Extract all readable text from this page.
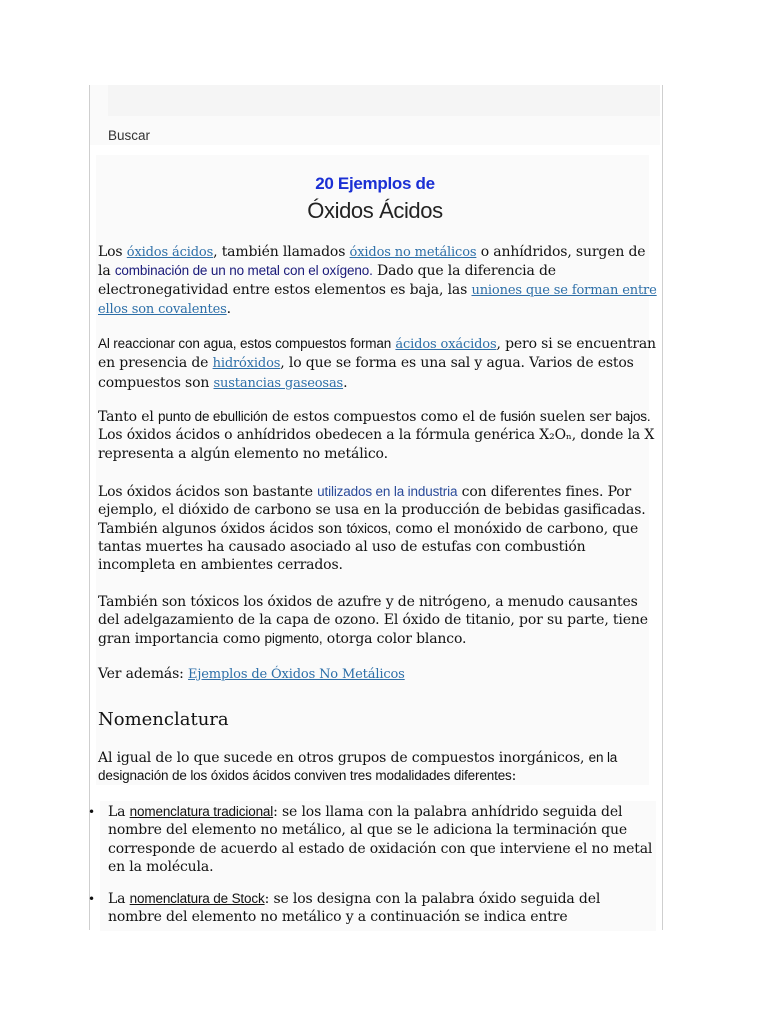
Buscar
20 Ejemplos de
Óxidos Ácidos
Los óxidos ácidos, también llamados óxidos no metálicos o anhídridos, surgen de la combinación de un no metal con el oxígeno. Dado que la diferencia de electronegatividad entre estos elementos es baja, las uniones que se forman entre ellos son covalentes.
Al reaccionar con agua, estos compuestos forman ácidos oxácidos, pero si se encuentran en presencia de hidróxidos, lo que se forma es una sal y agua. Varios de estos compuestos son sustancias gaseosas.
Tanto el punto de ebullición de estos compuestos como el de fusión suelen ser bajos. Los óxidos ácidos o anhídridos obedecen a la fórmula genérica X₂Oₙ, donde la X representa a algún elemento no metálico.
Los óxidos ácidos son bastante utilizados en la industria con diferentes fines. Por ejemplo, el dióxido de carbono se usa en la producción de bebidas gasificadas. También algunos óxidos ácidos son tóxicos, como el monóxido de carbono, que tantas muertes ha causado asociado al uso de estufas con combustión incompleta en ambientes cerrados.
También son tóxicos los óxidos de azufre y de nitrógeno, a menudo causantes del adelgazamiento de la capa de ozono. El óxido de titanio, por su parte, tiene gran importancia como pigmento, otorga color blanco.
Ver además: Ejemplos de Óxidos No Metálicos
Nomenclatura
Al igual de lo que sucede en otros grupos de compuestos inorgánicos, en la designación de los óxidos ácidos conviven tres modalidades diferentes:
• La nomenclatura tradicional: se los llama con la palabra anhídrido seguida del nombre del elemento no metálico, al que se le adiciona la terminación que corresponde de acuerdo al estado de oxidación con que interviene el no metal en la molécula.
• La nomenclatura de Stock: se los designa con la palabra óxido seguida del nombre del elemento no metálico y a continuación se indica entre
